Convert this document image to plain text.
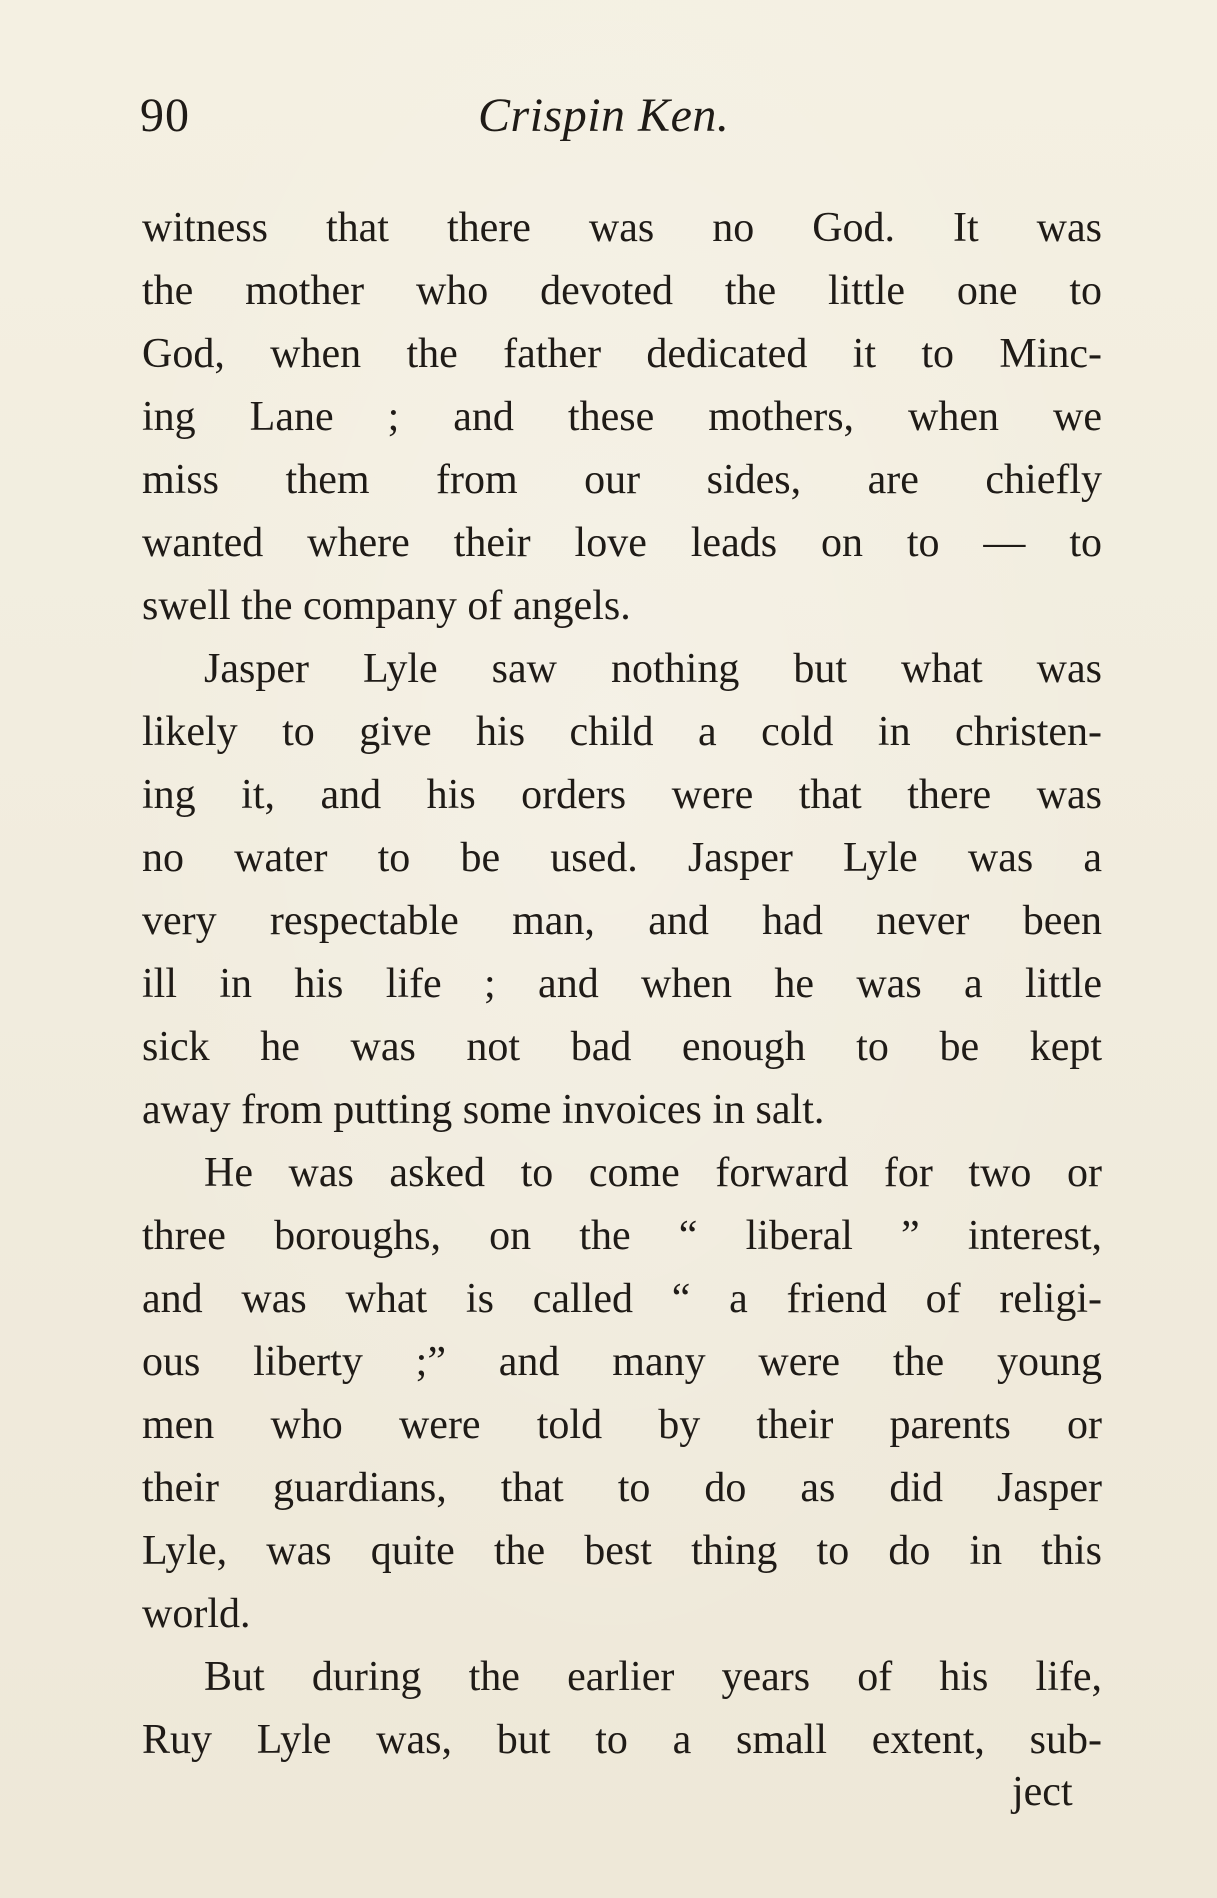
90	Crispin Ken.
witness that there was no God. It was
the mother who devoted the little one to
God, when the father dedicated it to Minc-
ing Lane ; and these mothers, when we
miss them from our sides, are chiefly
wanted where their love leads on to — to
swell the company of angels.
Jasper Lyle saw nothing but what was
likely to give his child a cold in christen-
ing it, and his orders were that there was
no water to be used. Jasper Lyle was a
very respectable man, and had never been
ill in his life ; and when he was a little
sick he was not bad enough to be kept
away from putting some invoices in salt.
He was asked to come forward for two or
three boroughs, on the “ liberal ” interest,
and was what is called “ a friend of religi-
ous liberty ;” and many were the young
men who were told by their parents or
their guardians, that to do as did Jasper
Lyle, was quite the best thing to do in this
world.
But during the earlier years of his life,
Ruy Lyle was, but to a small extent, sub-
ject
